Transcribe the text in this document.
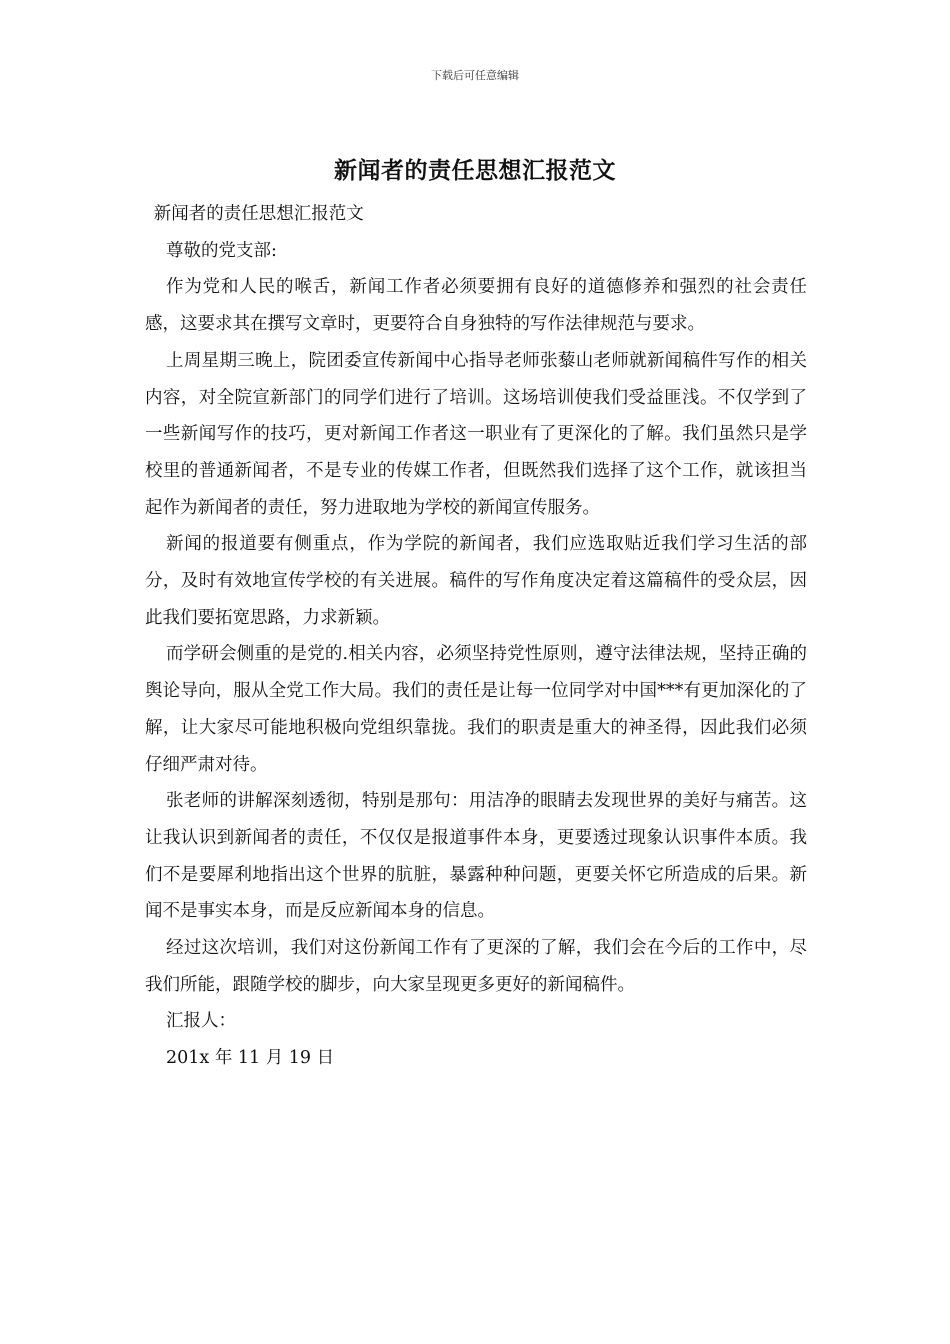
下载后可任意编辑
新闻者的责任思想汇报范文

新闻者的责任思想汇报范文

尊敬的党支部:

作为党和人民的喉舌，新闻工作者必须要拥有良好的道德修养和强烈的社会责任感，这要求其在撰写文章时，更要符合自身独特的写作法律规范与要求。

上周星期三晚上，院团委宣传新闻中心指导老师张藜山老师就新闻稿件写作的相关内容，对全院宣新部门的同学们进行了培训。这场培训使我们受益匪浅。不仅学到了一些新闻写作的技巧，更对新闻工作者这一职业有了更深化的了解。我们虽然只是学校里的普通新闻者，不是专业的传媒工作者，但既然我们选择了这个工作，就该担当起作为新闻者的责任，努力进取地为学校的新闻宣传服务。

新闻的报道要有侧重点，作为学院的新闻者，我们应选取贴近我们学习生活的部分，及时有效地宣传学校的有关进展。稿件的写作角度决定着这篇稿件的受众层，因此我们要拓宽思路，力求新颖。

而学研会侧重的是党的.相关内容，必须坚持党性原则，遵守法律法规，坚持正确的舆论导向，服从全党工作大局。我们的责任是让每一位同学对中国***有更加深化的了解，让大家尽可能地积极向党组织靠拢。我们的职责是重大的神圣得，因此我们必须仔细严肃对待。

张老师的讲解深刻透彻，特别是那句：用洁净的眼睛去发现世界的美好与痛苦。这让我认识到新闻者的责任，不仅仅是报道事件本身，更要透过现象认识事件本质。我们不是要犀利地指出这个世界的肮脏，暴露种种问题，更要关怀它所造成的后果。新闻不是事实本身，而是反应新闻本身的信息。

经过这次培训，我们对这份新闻工作有了更深的了解，我们会在今后的工作中，尽我们所能，跟随学校的脚步，向大家呈现更多更好的新闻稿件。

汇报人：

201x 年 11 月 19 日
